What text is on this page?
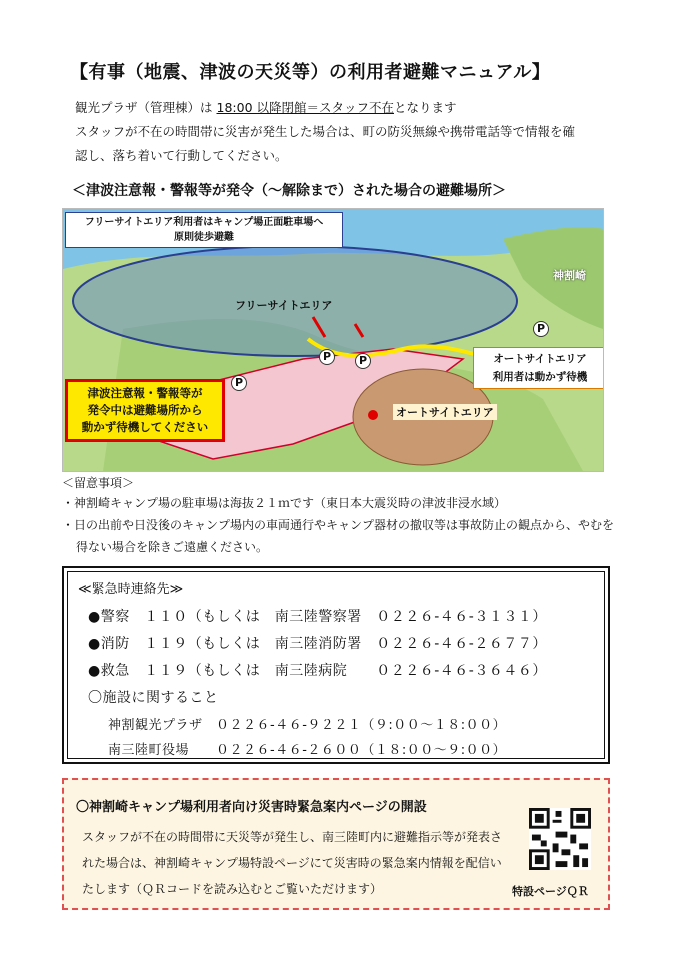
【有事（地震、津波の天災等）の利用者避難マニュアル】
観光プラザ（管理棟）は 18:00 以降閉館＝スタッフ不在となります
スタッフが不在の時間帯に災害が発生した場合は、町の防災無線や携帯電話等で情報を確
認し、落ち着いて行動してください。
＜津波注意報・警報等が発令（～解除まで）された場合の避難場所＞
フリーサイトエリア利用者はキャンプ場正面駐車場へ
原則徒歩避難
フリーサイトエリア
オートサイトエリア
神割崎
P	P
P
P
津波注意報・警報等が
発令中は避難場所から
動かず待機してください
オートサイトエリア
利用者は動かず待機
＜留意事項＞
・神割崎キャンプ場の駐車場は海抜２１ｍです（東日本大震災時の津波非浸水域）
・日の出前や日没後のキャンプ場内の車両通行やキャンプ器材の撤収等は事故防止の観点から、やむを得ない場合を除きご遠慮ください。
≪緊急時連絡先≫
●警察　１１０（もしくは　南三陸警察署　０２２６‐４６‐３１３１）
●消防　１１９（もしくは　南三陸消防署　０２２６‐４６‐２６７７）
●救急　１１９（もしくは　南三陸病院　　０２２６‐４６‐３６４６）
〇施設に関すること
神割観光プラザ　０２２６‐４６‐９２２１（９:００～１８:００）
南三陸町役場　　０２２６‐４６‐２６００（１８:００～９:００）
〇神割崎キャンプ場利用者向け災害時緊急案内ページの開設
スタッフが不在の時間帯に天災等が発生し、南三陸町内に避難指示等が発表された場合は、神割崎キャンプ場特設ページにて災害時の緊急案内情報を配信いたします（ＱＲコードを読み込むとご覧いただけます）	特設ページＱＲ
